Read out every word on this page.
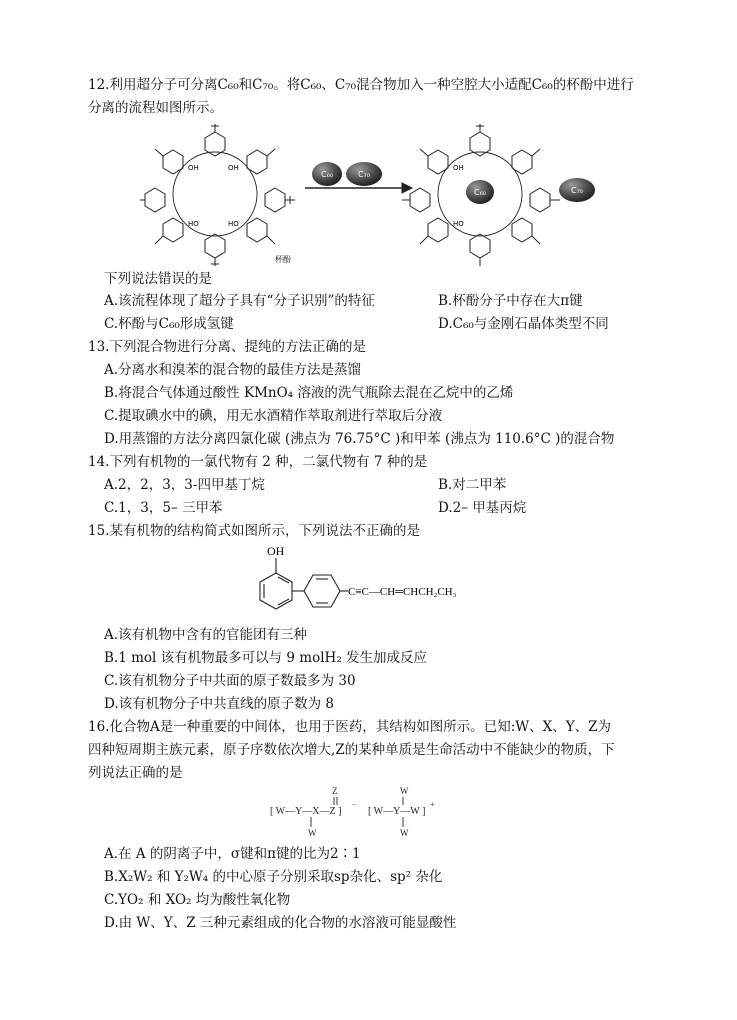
12.利用超分子可分离C₆₀和C₇₀。将C₆₀、C₇₀混合物加入一种空腔大小适配C₆₀的杯酚中进行
分离的流程如图所示。
OH	OH
HO	HO
OH
HO
杯酚
C₆₀	C₇₀
C₆₀	C₇₀
下列说法错误的是
A.该流程体现了超分子具有“分子识别”的特征	B.杯酚分子中存在大π键
C.杯酚与C₆₀形成氢键	D.C₆₀与金刚石晶体类型不同
13.下列混合物进行分离、提纯的方法正确的是
A.分离水和溴苯的混合物的最佳方法是蒸馏
B.将混合气体通过酸性 KMnO₄ 溶液的洗气瓶除去混在乙烷中的乙烯
C.提取碘水中的碘，用无水酒精作萃取剂进行萃取后分液
D.用蒸馏的方法分离四氯化碳 (沸点为 76.75°C )和甲苯 (沸点为 110.6°C )的混合物
14.下列有机物的一氯代物有 2 种，二氯代物有 7 种的是
A.2，2，3，3-四甲基丁烷	B.对二甲苯
C.1，3，5– 三甲苯	D.2– 甲基丙烷
15.某有机物的结构简式如图所示，下列说法不正确的是
OH
C≡C—CH═CHCH₂CH₃
A.该有机物中含有的官能团有三种
B.1 mol 该有机物最多可以与 9 molH₂ 发生加成反应
C.该有机物分子中共面的原子数最多为 30
D.该有机物分子中共直线的原子数为 8
16.化合物A是一种重要的中间体，也用于医药，其结构如图所示。已知:W、X、Y、Z为
四种短周期主族元素，原子序数依次增大,Z的某种单质是生命活动中不能缺少的物质，下
列说法正确的是
[ W—Y—X—Z ]
−
Z
W
[ W—Y—W ]
+
W
W
A.在 A 的阴离子中，σ键和π键的比为2∶1
B.X₂W₂ 和 Y₂W₄ 的中心原子分别采取sp杂化、sp² 杂化
C.YO₂ 和 XO₂ 均为酸性氧化物
D.由 W、Y、Z 三种元素组成的化合物的水溶液可能显酸性
